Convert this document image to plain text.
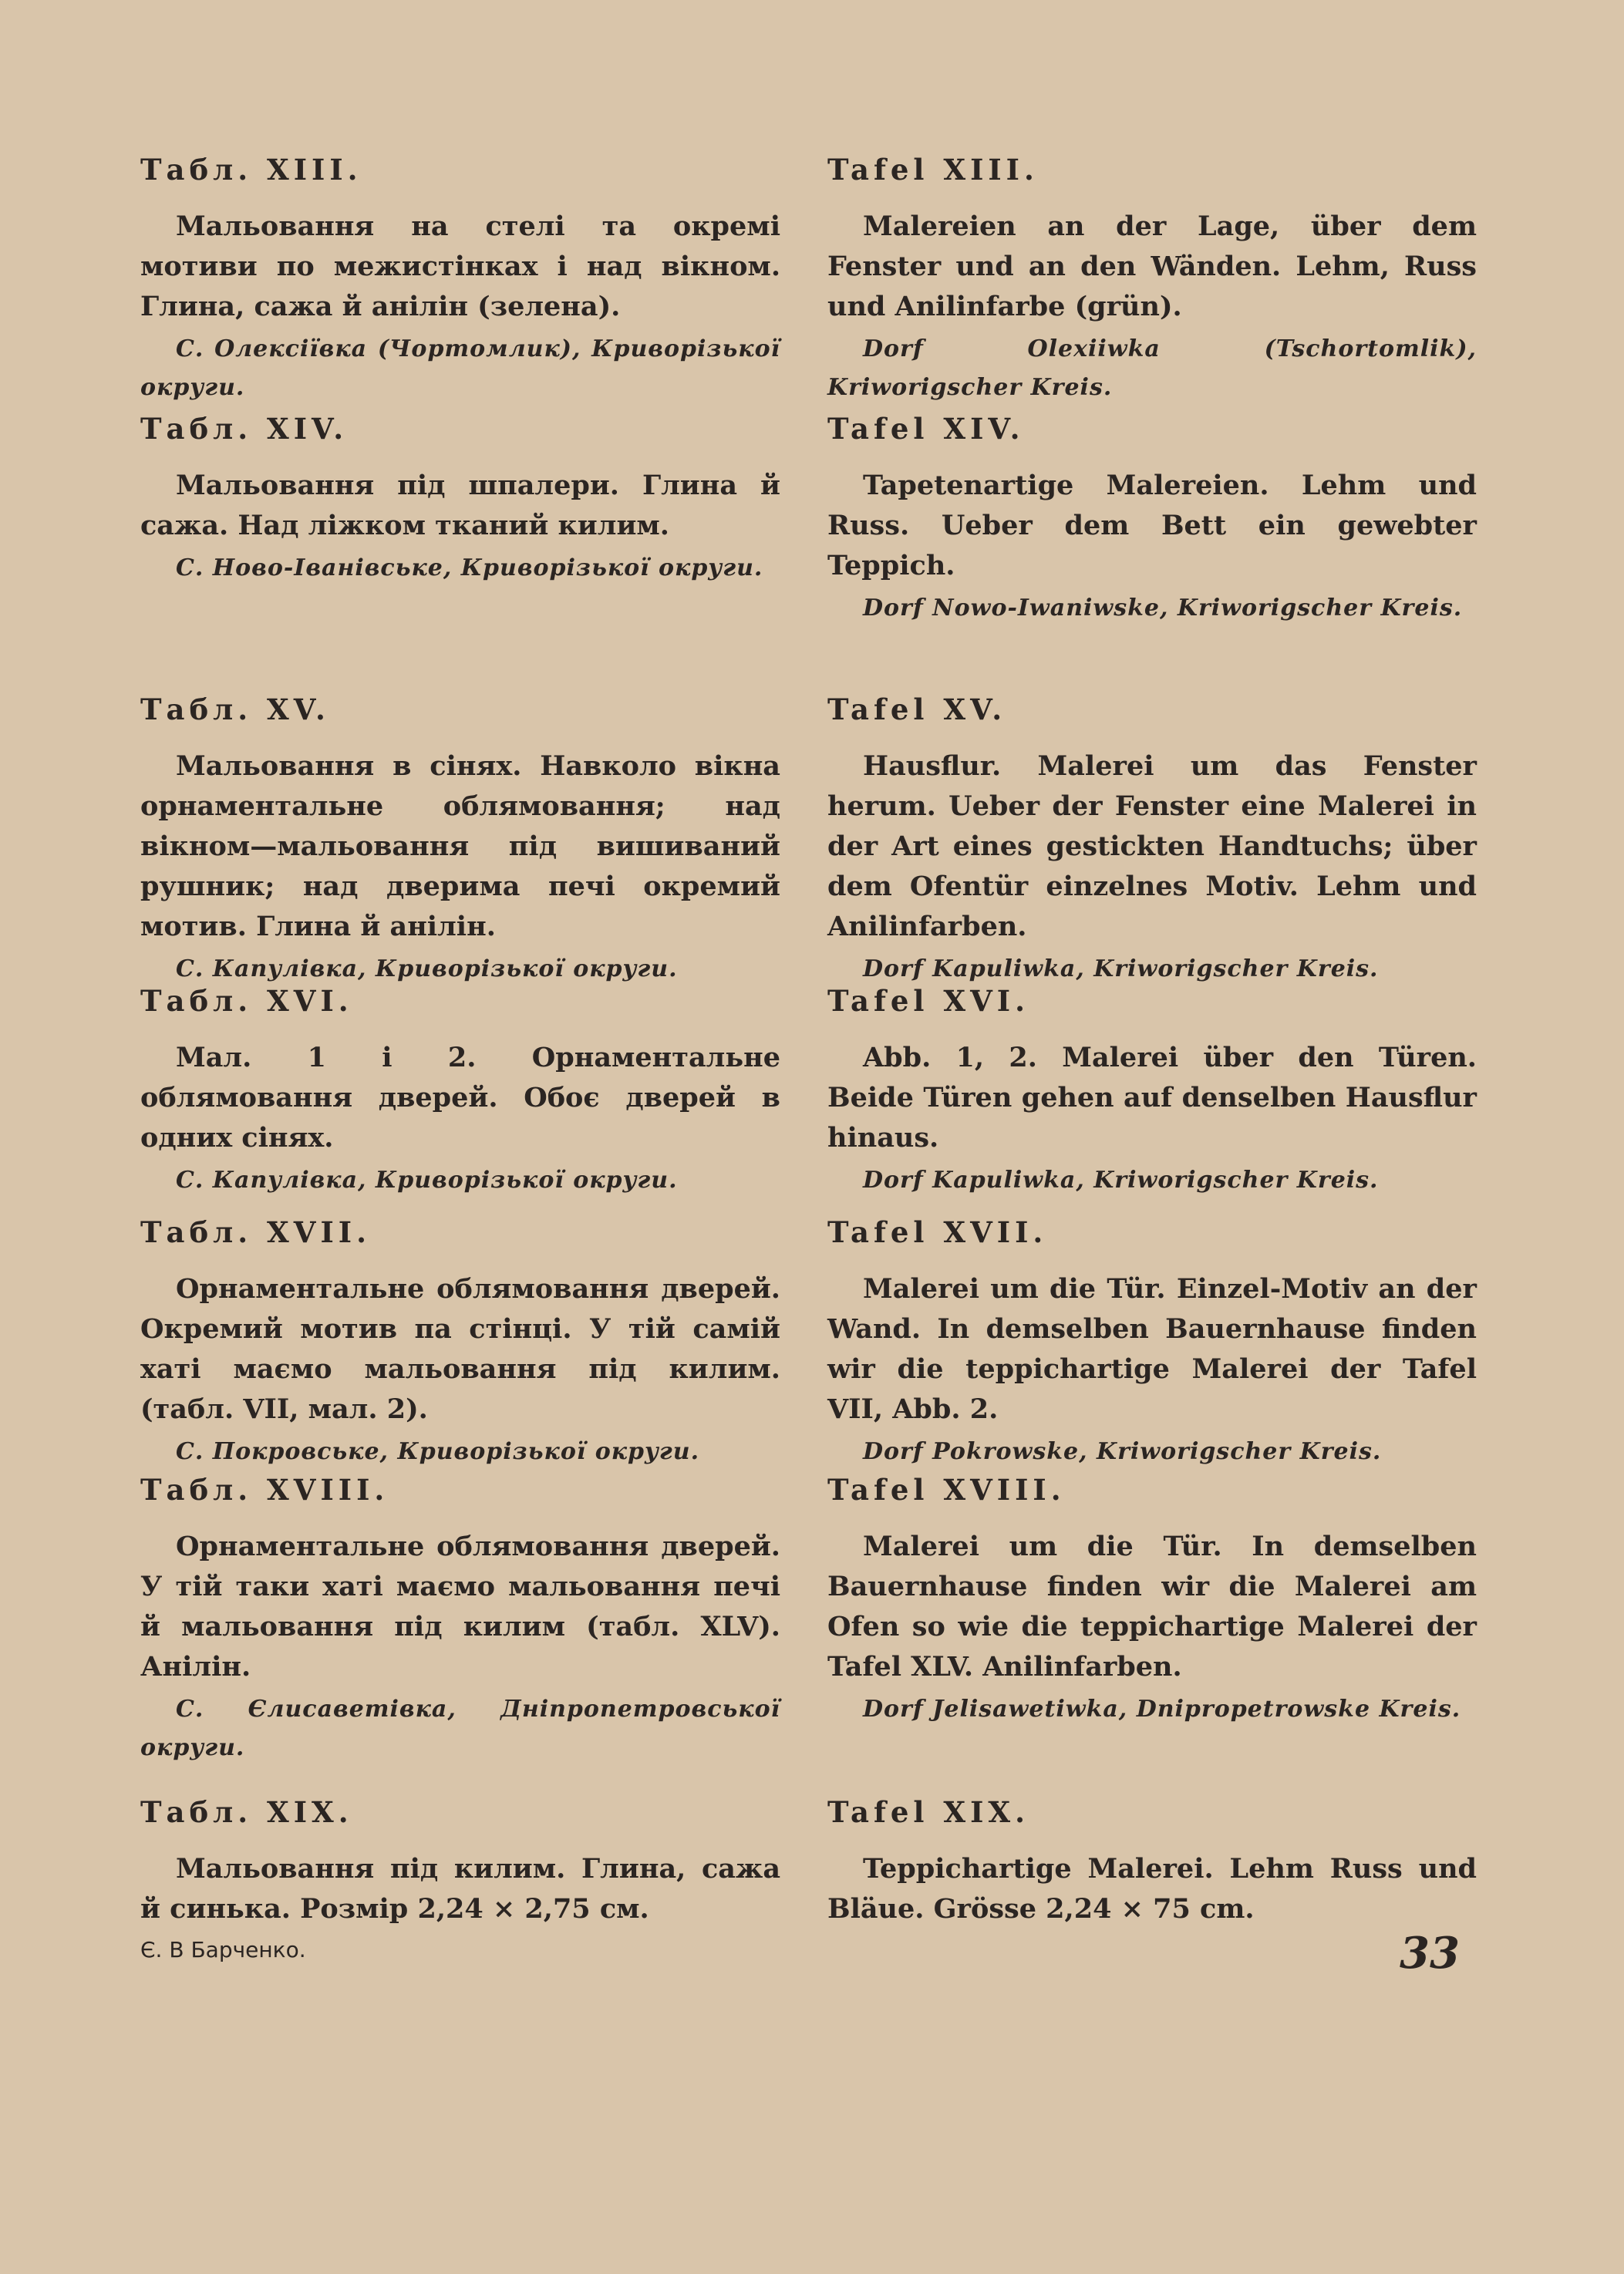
Табл. XIII.

Мальовання на стелі та окремі мотиви по межистінках і над вікном. Глина, сажа й анілін (зелена).

С. Олексіївка (Чортомлик), Криворізької округи.

Табл. XIV.

Мальовання під шпалери. Глина й сажа. Над ліжком тканий килим.

С. Ново-Іванівське, Криворізької округи.

Табл. XV.

Мальовання в сінях. Навколо вікна орнаментальне облямовання; над вікном—мальовання під вишиваний рушник; над дверима печі окремий мотив. Глина й анілін.

С. Капулівка, Криворізької округи.

Табл. XVI.

Мал. 1 і 2. Орнаментальне облямовання дверей. Обоє дверей в одних сінях.

С. Капулівка, Криворізької округи.

Табл. XVII.

Орнаментальне облямовання дверей. Окремий мотив па стінці. У тій самій хаті маємо мальовання під килим. (табл. VII, мал. 2).

С. Покровське, Криворізької округи.

Табл. XVIII.

Орнаментальне облямовання дверей. У тій таки хаті маємо мальовання печі й мальовання під килим (табл. XLV). Анілін.

С. Єлисаветівка, Дніпропетровської округи.

Табл. XIX.

Мальовання під килим. Глина, сажа й синька. Розмір 2,24 × 2,75 см.

Tafel XIII.

Malereien an der Lage, über dem Fenster und an den Wänden. Lehm, Russ und Anilinfarbe (grün).

Dorf Olexiiwka (Tschortomlik), Kriworigscher Kreis.

Tafel XIV.

Tapetenartige Malereien. Lehm und Russ. Ueber dem Bett ein gewebter Teppich.

Dorf Nowo-Iwaniwske, Kriworigscher Kreis.

Tafel XV.

Hausflur. Malerei um das Fenster herum. Ueber der Fenster eine Malerei in der Art eines gestickten Handtuchs; über dem Ofentür einzelnes Motiv. Lehm und Anilinfarben.

Dorf Kapuliwka, Kriworigscher Kreis.

Tafel XVI.

Abb. 1, 2. Malerei über den Türen. Beide Türen gehen auf denselben Hausflur hinaus.

Dorf Kapuliwka, Kriworigscher Kreis.

Tafel XVII.

Malerei um die Tür. Einzel-Motiv an der Wand. In demselben Bauernhause finden wir die teppichartige Malerei der Tafel VII, Abb. 2.

Dorf Pokrowske, Kriworigscher Kreis.

Tafel XVIII.

Malerei um die Tür. In demselben Bauernhause finden wir die Malerei am Ofen so wie die teppichartige Malerei der Tafel XLV. Anilinfarben.

Dorf Jelisawetiwka, Dnipropetrowske Kreis.

Tafel XIX.

Teppichartige Malerei. Lehm Russ und Bläue. Grösse 2,24 × 75 cm.

Є. В Барченко.	33
